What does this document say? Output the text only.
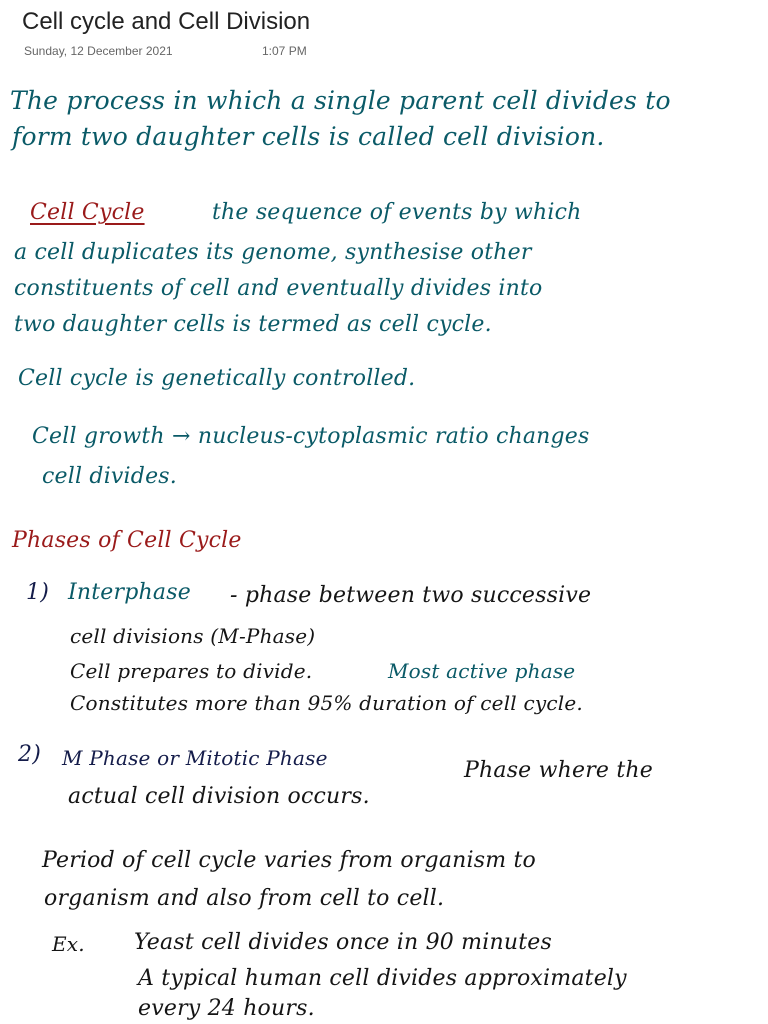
Cell cycle and Cell Division
Sunday, 12 December 2021	1:07 PM
The process in which a single parent cell divides to
form two daughter cells is called cell division.
Cell Cycle	the sequence of events by which
a cell duplicates its genome, synthesise other
constituents of cell and eventually divides into
two daughter cells is termed as cell cycle.
Cell cycle is genetically controlled.
Cell growth → nucleus-cytoplasmic ratio changes
cell divides.
Phases of Cell Cycle
1) Interphase - phase between two successive
cell divisions (M-Phase)
Cell prepares to divide.	Most active phase
Constitutes more than 95% duration of cell cycle.
2) M Phase or Mitotic Phase	Phase where the
actual cell division occurs.
Period of cell cycle varies from organism to
organism and also from cell to cell.
Ex. Yeast cell divides once in 90 minutes
A typical human cell divides approximately
every 24 hours.
